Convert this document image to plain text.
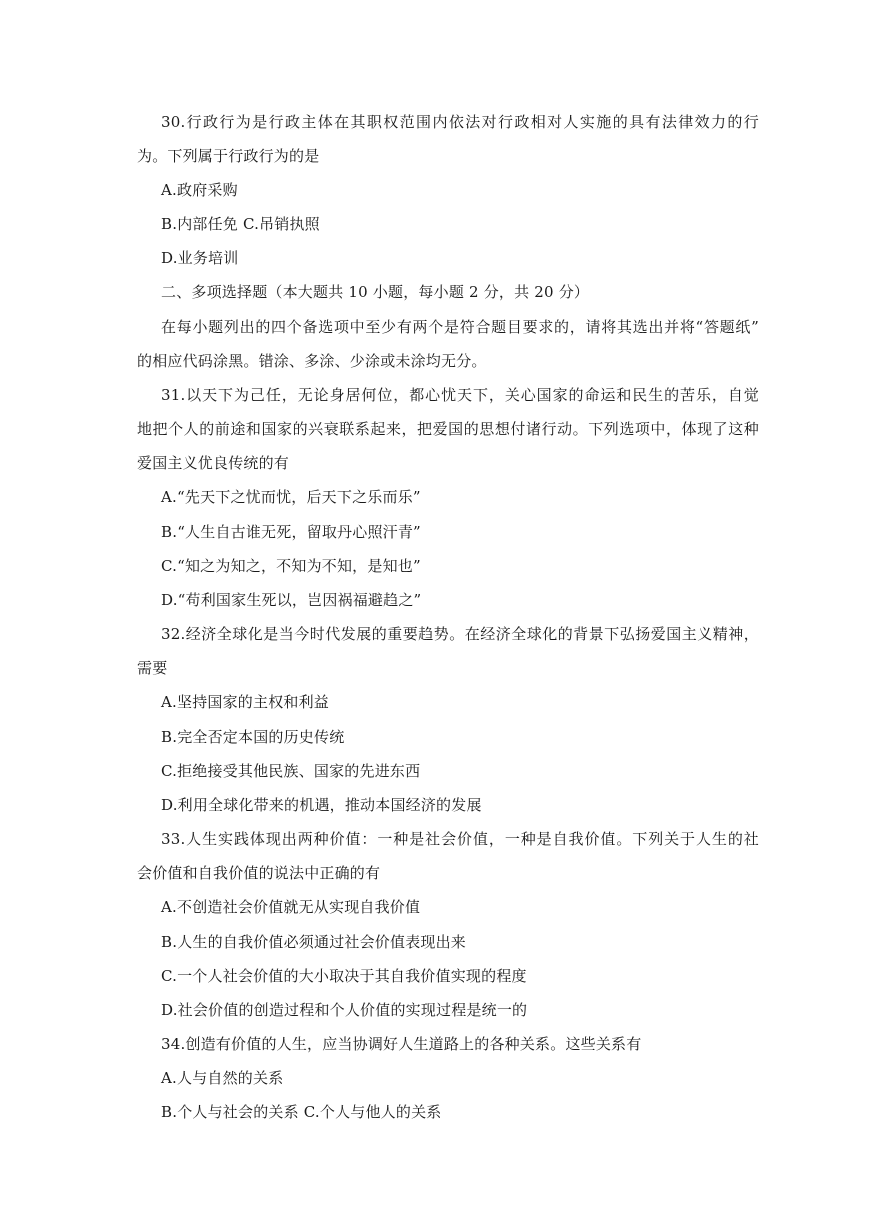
30.行政行为是行政主体在其职权范围内依法对行政相对人实施的具有法律效力的行
为。下列属于行政行为的是
A.政府采购
B.内部任免 C.吊销执照
D.业务培训
二、多项选择题（本大题共 10 小题，每小题 2 分，共 20 分）
在每小题列出的四个备选项中至少有两个是符合题目要求的，请将其选出并将“答题纸”
的相应代码涂黑。错涂、多涂、少涂或未涂均无分。
31.以天下为己任，无论身居何位，都心忧天下，关心国家的命运和民生的苦乐，自觉
地把个人的前途和国家的兴衰联系起来，把爱国的思想付诸行动。下列选项中，体现了这种
爱国主义优良传统的有
A.“先天下之忧而忧，后天下之乐而乐”
B.“人生自古谁无死，留取丹心照汗青”
C.“知之为知之，不知为不知，是知也”
D.“苟利国家生死以，岂因祸福避趋之”
32.经济全球化是当今时代发展的重要趋势。在经济全球化的背景下弘扬爱国主义精神，
需要
A.坚持国家的主权和利益
B.完全否定本国的历史传统
C.拒绝接受其他民族、国家的先进东西
D.利用全球化带来的机遇，推动本国经济的发展
33.人生实践体现出两种价值：一种是社会价值，一种是自我价值。下列关于人生的社
会价值和自我价值的说法中正确的有
A.不创造社会价值就无从实现自我价值
B.人生的自我价值必须通过社会价值表现出来
C.一个人社会价值的大小取决于其自我价值实现的程度
D.社会价值的创造过程和个人价值的实现过程是统一的
34.创造有价值的人生，应当协调好人生道路上的各种关系。这些关系有
A.人与自然的关系
B.个人与社会的关系 C.个人与他人的关系
